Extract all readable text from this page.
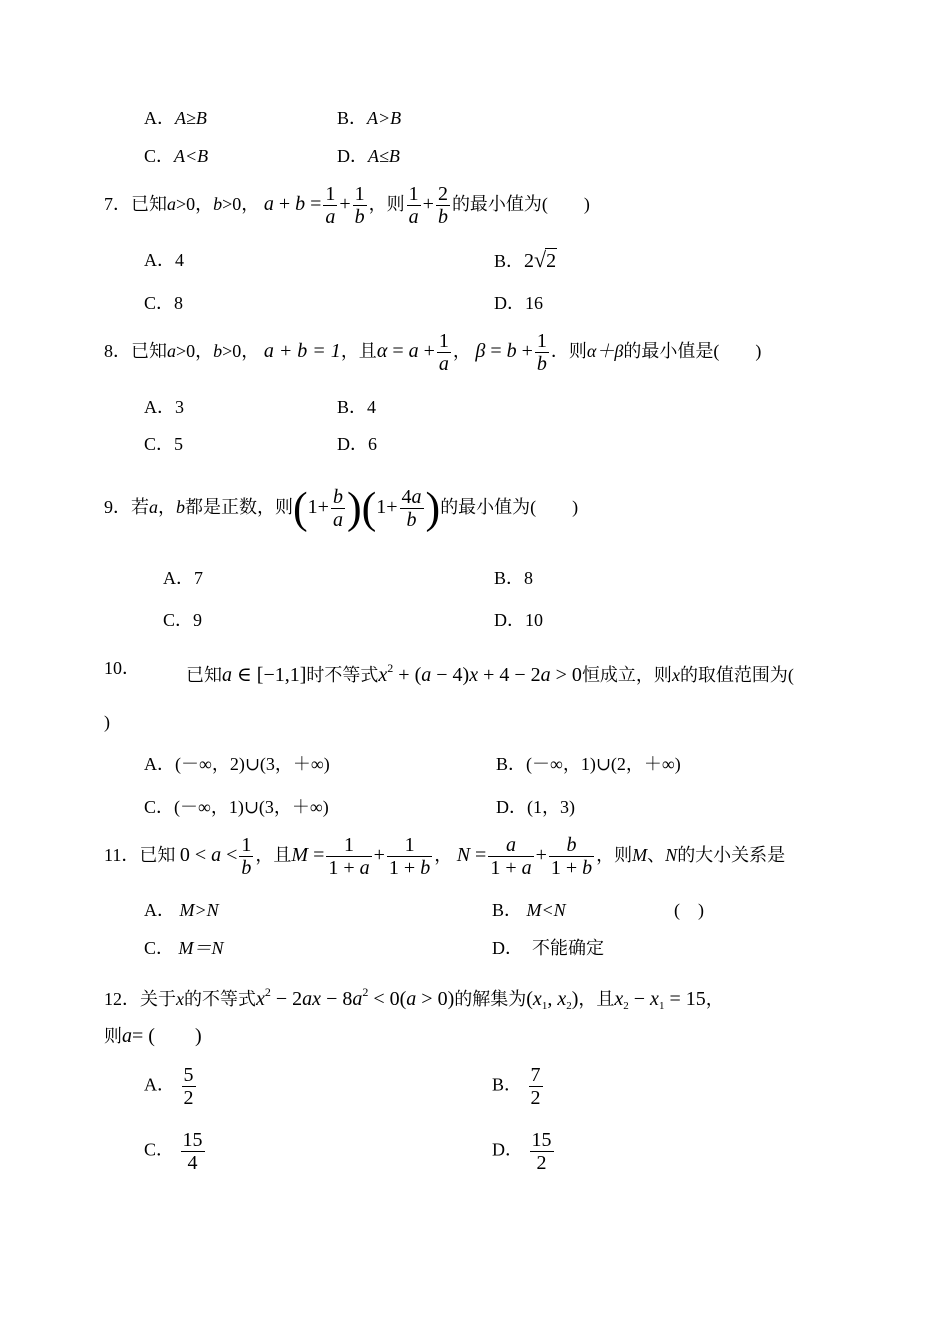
A．A≥B	B．A>B
C．A<B	D．A≤B
7．已知a>0，b>0， $a + b = \frac{1}{a} + \frac{1}{b}$ ，则 $\frac{1}{a} + \frac{2}{b}$ 的最小值为(　　)
A．4	B．2√2
C．8	D．16
8．已知a>0，b>0， a + b = 1，且$\alpha = a + \frac{1}{a}$ ， $\beta = b + \frac{1}{b}$ ．则α＋β的最小值是(　　)
A．3	B．4
C．5	D．6
9．若a，b都是正数，则$(1+ \frac{b}{a} )(1+ \frac{4a}{b}$ )的最小值为(　　)
A．7	B．8
C．9	D．10
10．	已知a ∈ [−1,1]时不等式$x^2 + (a - 4)x + 4 - 2a > 0$恒成立，则x的取值范围为(
)
A．(－∞，2)∪(3，＋∞)	B．(－∞，1)∪(2，＋∞)
C．(－∞，1)∪(3，＋∞)	D．(1，3)
11．已知 $0 < a < \frac{1}{b}$ ，且$M = \frac{1}{1 + a} + \frac{1}{1 + b}$ ， $N = \frac{a}{1 + a} + \frac{b}{1 + b}$ ，则M、N的大小关系是
A． M>N	B． M<N	(　)
C． M＝N	D． 不能确定
12．关于x的不等式$x^2 - 2ax - 8a^2 < 0(a > 0)$的解集为($x_1$, $x_2$)，且$x_2 - x_1 = 15$，
则a= (　　)
A． $\frac{5}{2}$	B． $\frac{7}{2}$
C． $\frac{15}{4}$	D． $\frac{15}{2}$
